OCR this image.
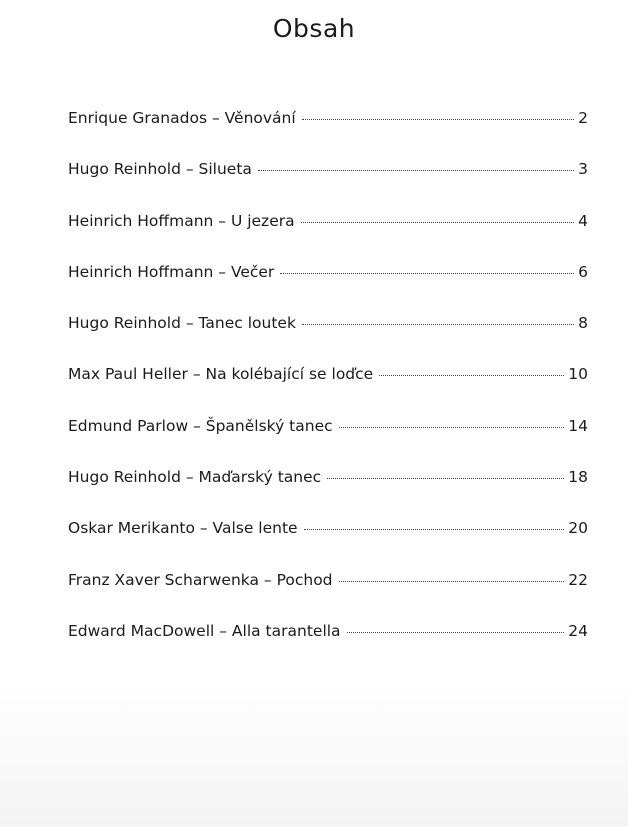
Obsah
Enrique Granados – Věnování	2
Hugo Reinhold – Silueta	3
Heinrich Hoffmann – U jezera	4
Heinrich Hoffmann – Večer	6
Hugo Reinhold – Tanec loutek	8
Max Paul Heller – Na kolébající se loďce	10
Edmund Parlow – Španělský tanec	14
Hugo Reinhold – Maďarský tanec	18
Oskar Merikanto – Valse lente	20
Franz Xaver Scharwenka – Pochod	22
Edward MacDowell – Alla tarantella	24
